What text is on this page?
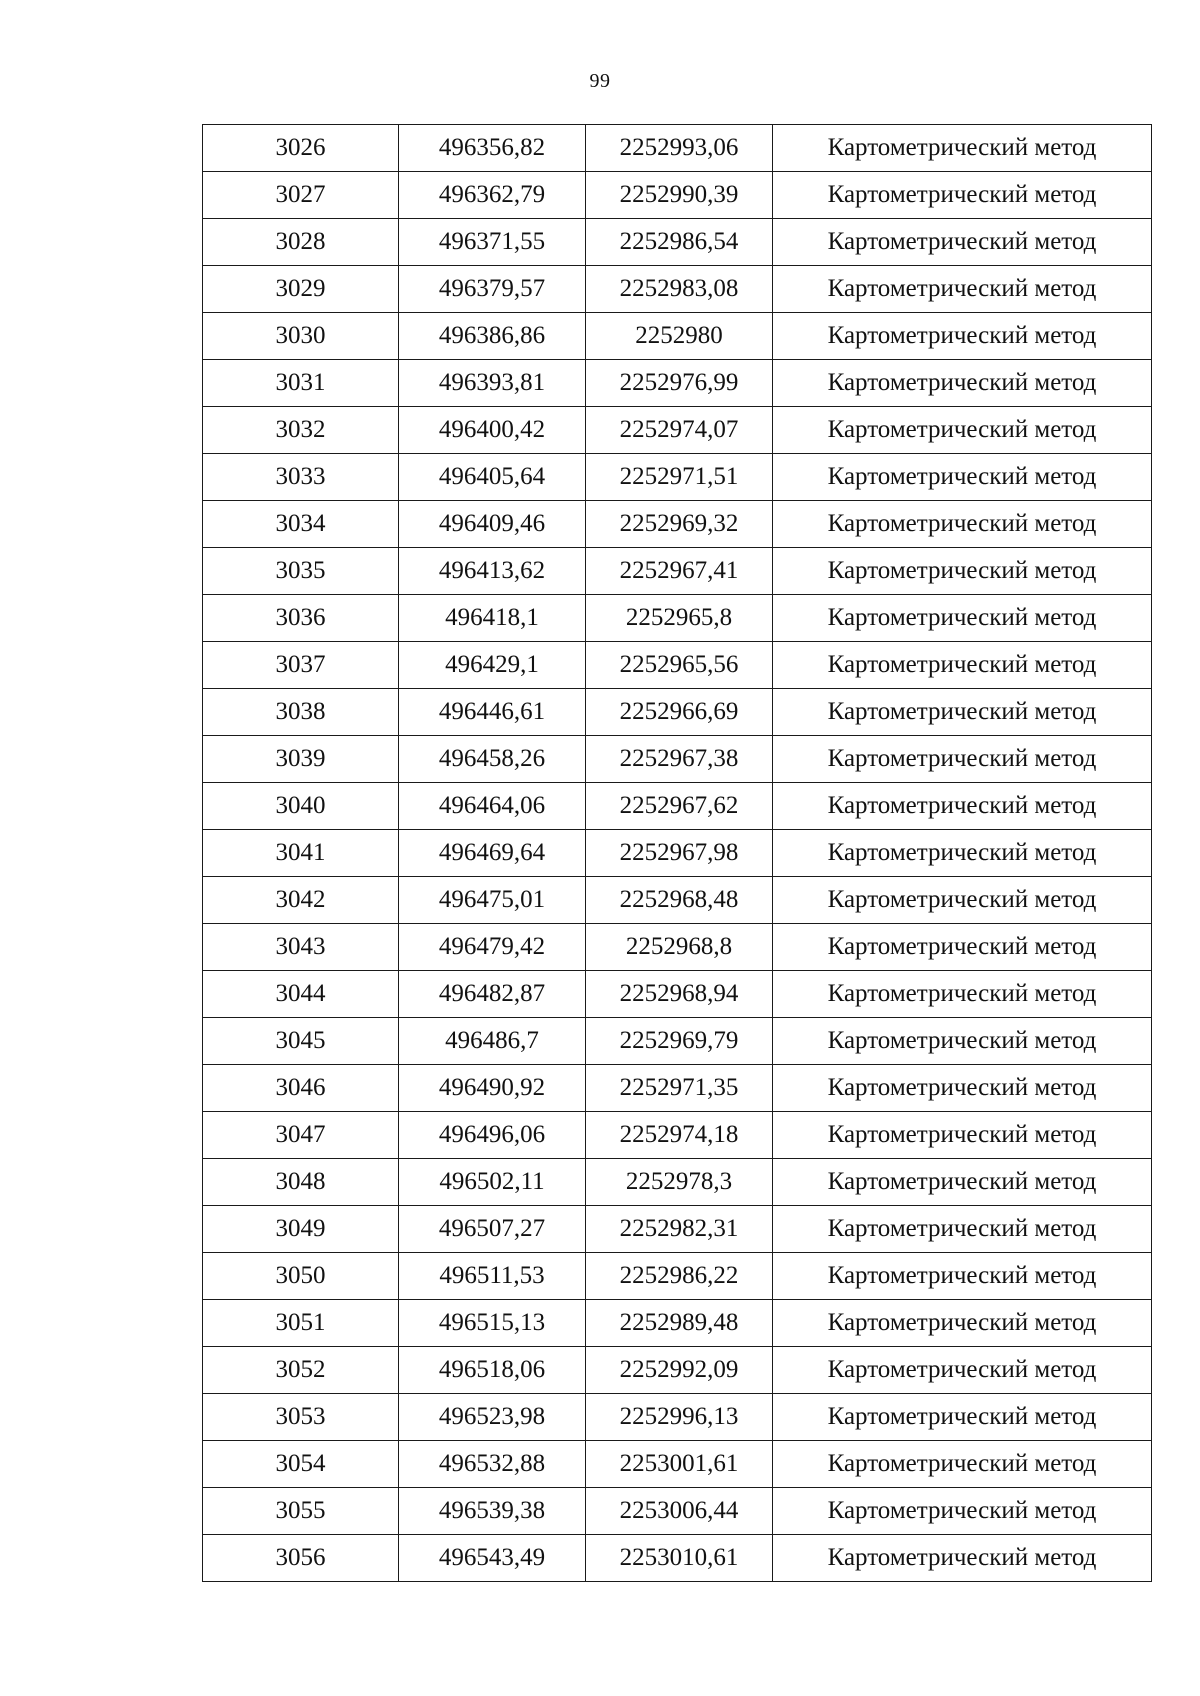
99
3026	496356,82	2252993,06	Картометрический метод
3027	496362,79	2252990,39	Картометрический метод
3028	496371,55	2252986,54	Картометрический метод
3029	496379,57	2252983,08	Картометрический метод
3030	496386,86	2252980	Картометрический метод
3031	496393,81	2252976,99	Картометрический метод
3032	496400,42	2252974,07	Картометрический метод
3033	496405,64	2252971,51	Картометрический метод
3034	496409,46	2252969,32	Картометрический метод
3035	496413,62	2252967,41	Картометрический метод
3036	496418,1	2252965,8	Картометрический метод
3037	496429,1	2252965,56	Картометрический метод
3038	496446,61	2252966,69	Картометрический метод
3039	496458,26	2252967,38	Картометрический метод
3040	496464,06	2252967,62	Картометрический метод
3041	496469,64	2252967,98	Картометрический метод
3042	496475,01	2252968,48	Картометрический метод
3043	496479,42	2252968,8	Картометрический метод
3044	496482,87	2252968,94	Картометрический метод
3045	496486,7	2252969,79	Картометрический метод
3046	496490,92	2252971,35	Картометрический метод
3047	496496,06	2252974,18	Картометрический метод
3048	496502,11	2252978,3	Картометрический метод
3049	496507,27	2252982,31	Картометрический метод
3050	496511,53	2252986,22	Картометрический метод
3051	496515,13	2252989,48	Картометрический метод
3052	496518,06	2252992,09	Картометрический метод
3053	496523,98	2252996,13	Картометрический метод
3054	496532,88	2253001,61	Картометрический метод
3055	496539,38	2253006,44	Картометрический метод
3056	496543,49	2253010,61	Картометрический метод
